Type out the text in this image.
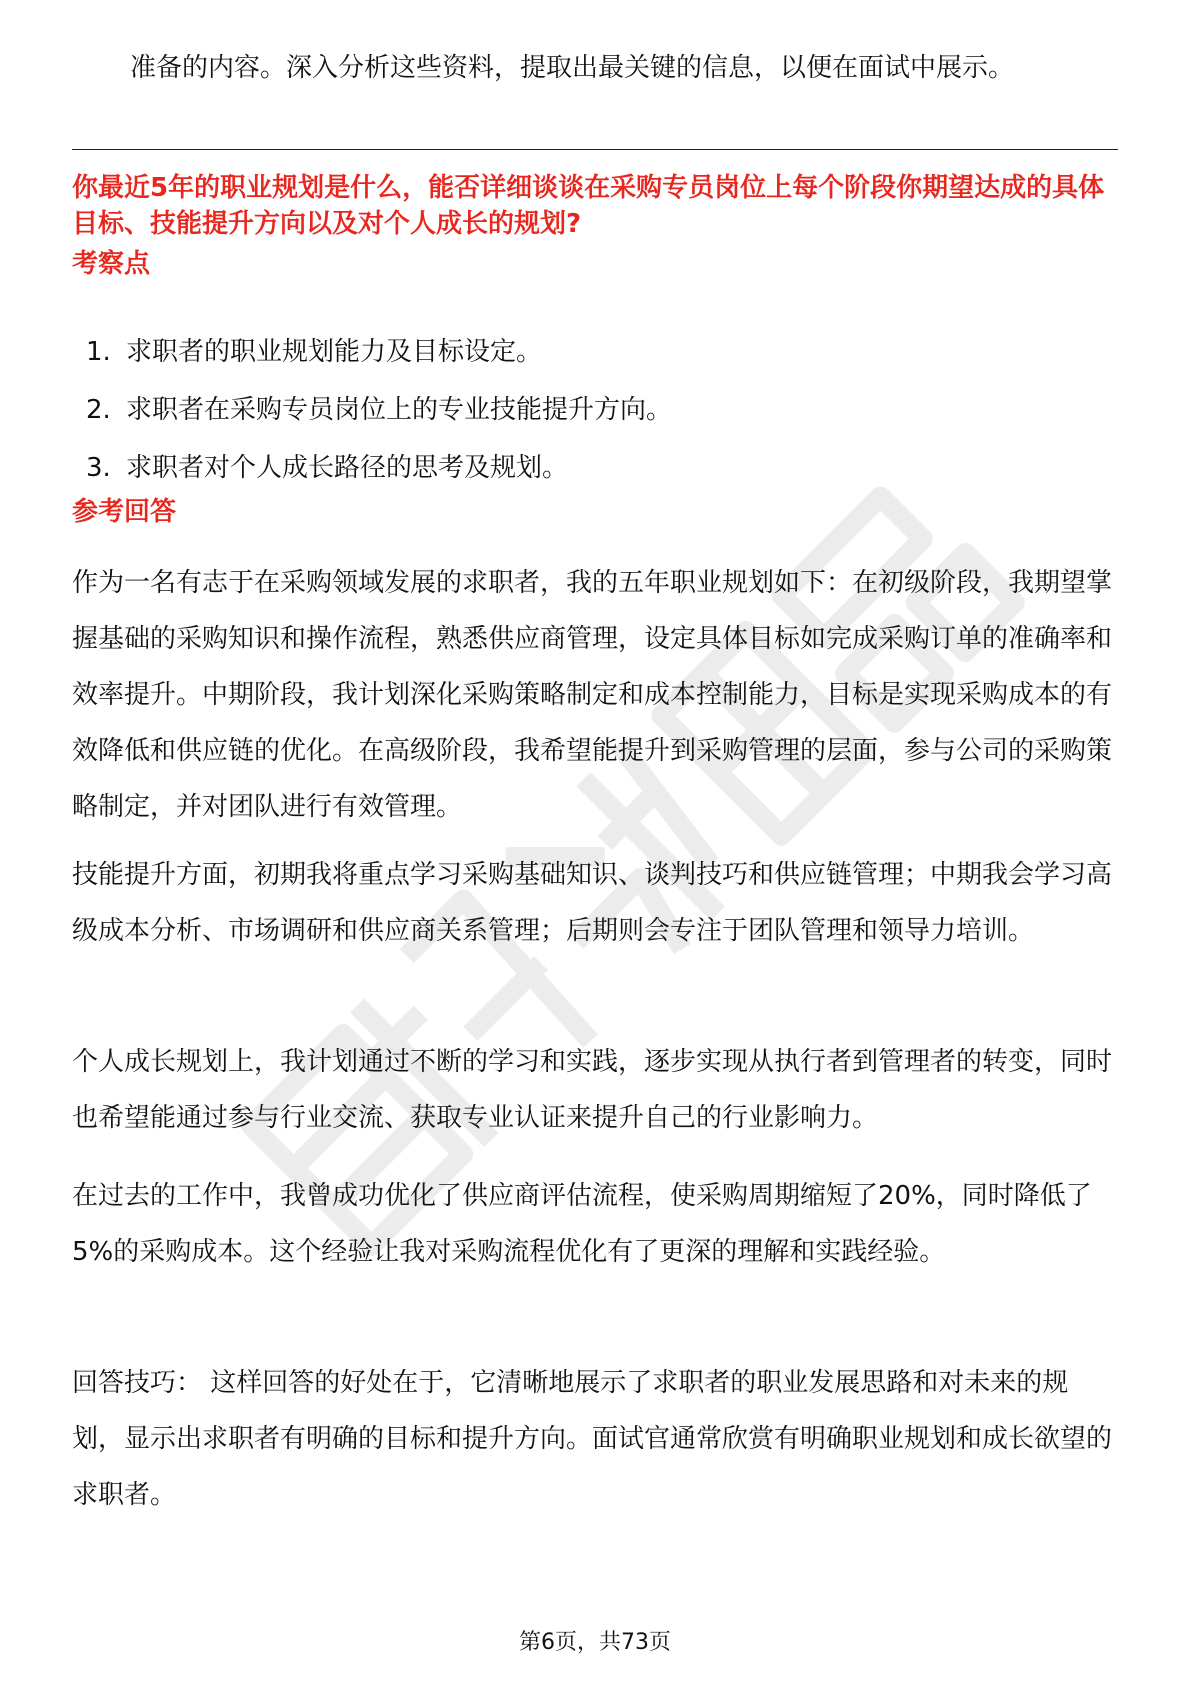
准备的内容。深入分析这些资料，提取出最关键的信息，以便在面试中展示。
你最近5年的职业规划是什么，能否详细谈谈在采购专员岗位上每个阶段你期望达成的具体目标、技能提升方向以及对个人成长的规划?
考察点
1. 求职者的职业规划能力及目标设定。
2. 求职者在采购专员岗位上的专业技能提升方向。
3. 求职者对个人成长路径的思考及规划。
参考回答

作为一名有志于在采购领域发展的求职者，我的五年职业规划如下：在初级阶段，我期望掌握基础的采购知识和操作流程，熟悉供应商管理，设定具体目标如完成采购订单的准确率和效率提升。中期阶段，我计划深化采购策略制定和成本控制能力，目标是实现采购成本的有效降低和供应链的优化。在高级阶段，我希望能提升到采购管理的层面，参与公司的采购策略制定，并对团队进行有效管理。

技能提升方面，初期我将重点学习采购基础知识、谈判技巧和供应链管理；中期我会学习高级成本分析、市场调研和供应商关系管理；后期则会专注于团队管理和领导力培训。

个人成长规划上，我计划通过不断的学习和实践，逐步实现从执行者到管理者的转变，同时也希望能通过参与行业交流、获取专业认证来提升自己的行业影响力。

在过去的工作中，我曾成功优化了供应商评估流程，使采购周期缩短了20%，同时降低了5%的采购成本。这个经验让我对采购流程优化有了更深的理解和实践经验。

回答技巧： 这样回答的好处在于，它清晰地展示了求职者的职业发展思路和对未来的规划，显示出求职者有明确的目标和提升方向。面试官通常欣赏有明确职业规划和成长欲望的求职者。

第6页，共73页
